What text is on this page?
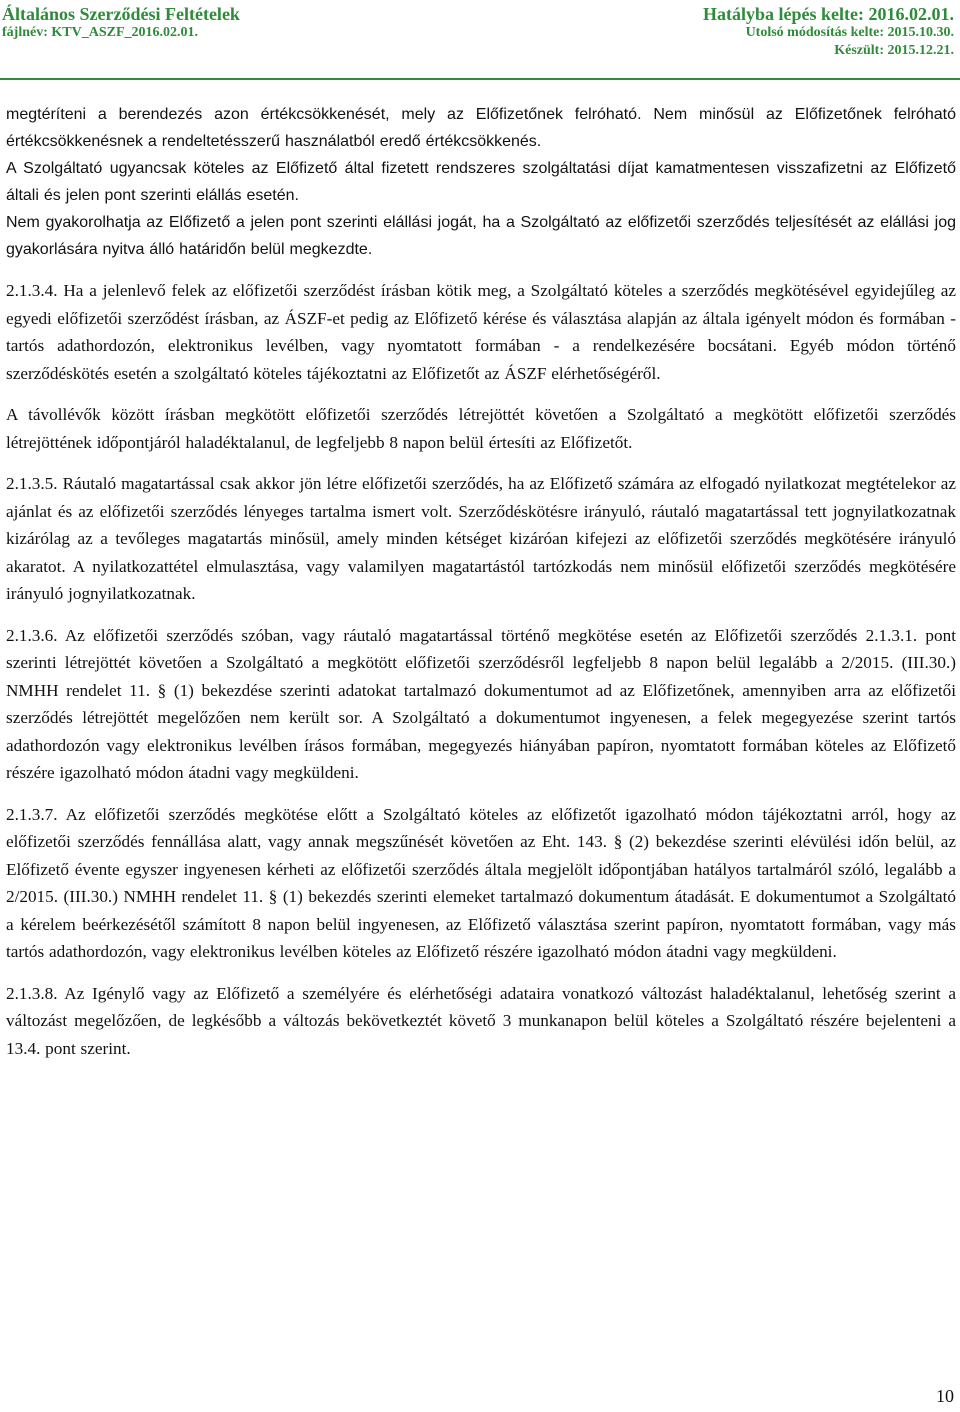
Általános Szerződési Feltételek
fájlnév: KTV_ASZF_2016.02.01.
Hatályba lépés kelte: 2016.02.01.
Utolsó módosítás kelte: 2015.10.30.
Készült: 2015.12.21.

megtéríteni a berendezés azon értékcsökkenését, mely az Előfizetőnek felróható. Nem minősül az Előfizetőnek felróható értékcsökkenésnek a rendeltetésszerű használatból eredő értékcsökkenés.

A Szolgáltató ugyancsak köteles az Előfizető által fizetett rendszeres szolgáltatási díjat kamatmentesen visszafizetni az Előfizető általi és jelen pont szerinti elállás esetén.

Nem gyakorolhatja az Előfizető a jelen pont szerinti elállási jogát, ha a Szolgáltató az előfizetői szerződés teljesítését az elállási jog gyakorlására nyitva álló határidőn belül megkezdte.

2.1.3.4. Ha a jelenlevő felek az előfizetői szerződést írásban kötik meg, a Szolgáltató köteles a szerződés megkötésével egyidejűleg az egyedi előfizetői szerződést írásban, az ÁSZF-et pedig az Előfizető kérése és választása alapján az általa igényelt módon és formában - tartós adathordozón, elektronikus levélben, vagy nyomtatott formában - a rendelkezésére bocsátani. Egyéb módon történő szerződéskötés esetén a szolgáltató köteles tájékoztatni az Előfizetőt az ÁSZF elérhetőségéről.

A távollévők között írásban megkötött előfizetői szerződés létrejöttét követően a Szolgáltató a megkötött előfizetői szerződés létrejöttének időpontjáról haladéktalanul, de legfeljebb 8 napon belül értesíti az Előfizetőt.

2.1.3.5. Ráutaló magatartással csak akkor jön létre előfizetői szerződés, ha az Előfizető számára az elfogadó nyilatkozat megtételekor az ajánlat és az előfizetői szerződés lényeges tartalma ismert volt. Szerződéskötésre irányuló, ráutaló magatartással tett jognyilatkozatnak kizárólag az a tevőleges magatartás minősül, amely minden kétséget kizáróan kifejezi az előfizetői szerződés megkötésére irányuló akaratot. A nyilatkozattétel elmulasztása, vagy valamilyen magatartástól tartózkodás nem minősül előfizetői szerződés megkötésére irányuló jognyilatkozatnak.

2.1.3.6. Az előfizetői szerződés szóban, vagy ráutaló magatartással történő megkötése esetén az Előfizetői szerződés 2.1.3.1. pont szerinti létrejöttét követően a Szolgáltató a megkötött előfizetői szerződésről legfeljebb 8 napon belül legalább a 2/2015. (III.30.) NMHH rendelet 11. § (1) bekezdése szerinti adatokat tartalmazó dokumentumot ad az Előfizetőnek, amennyiben arra az előfizetői szerződés létrejöttét megelőzően nem került sor. A Szolgáltató a dokumentumot ingyenesen, a felek megegyezése szerint tartós adathordozón vagy elektronikus levélben írásos formában, megegyezés hiányában papíron, nyomtatott formában köteles az Előfizető részére igazolható módon átadni vagy megküldeni.

2.1.3.7. Az előfizetői szerződés megkötése előtt a Szolgáltató köteles az előfizetőt igazolható módon tájékoztatni arról, hogy az előfizetői szerződés fennállása alatt, vagy annak megszűnését követően az Eht. 143. § (2) bekezdése szerinti elévülési időn belül, az Előfizető évente egyszer ingyenesen kérheti az előfizetői szerződés általa megjelölt időpontjában hatályos tartalmáról szóló, legalább a 2/2015. (III.30.) NMHH rendelet 11. § (1) bekezdés szerinti elemeket tartalmazó dokumentum átadását. E dokumentumot a Szolgáltató a kérelem beérkezésétől számított 8 napon belül ingyenesen, az Előfizető választása szerint papíron, nyomtatott formában, vagy más tartós adathordozón, vagy elektronikus levélben köteles az Előfizető részére igazolható módon átadni vagy megküldeni.

2.1.3.8. Az Igénylő vagy az Előfizető a személyére és elérhetőségi adataira vonatkozó változást haladéktalanul, lehetőség szerint a változást megelőzően, de legkésőbb a változás bekövetkeztét követő 3 munkanapon belül köteles a Szolgáltató részére bejelenteni a 13.4. pont szerint.

10
